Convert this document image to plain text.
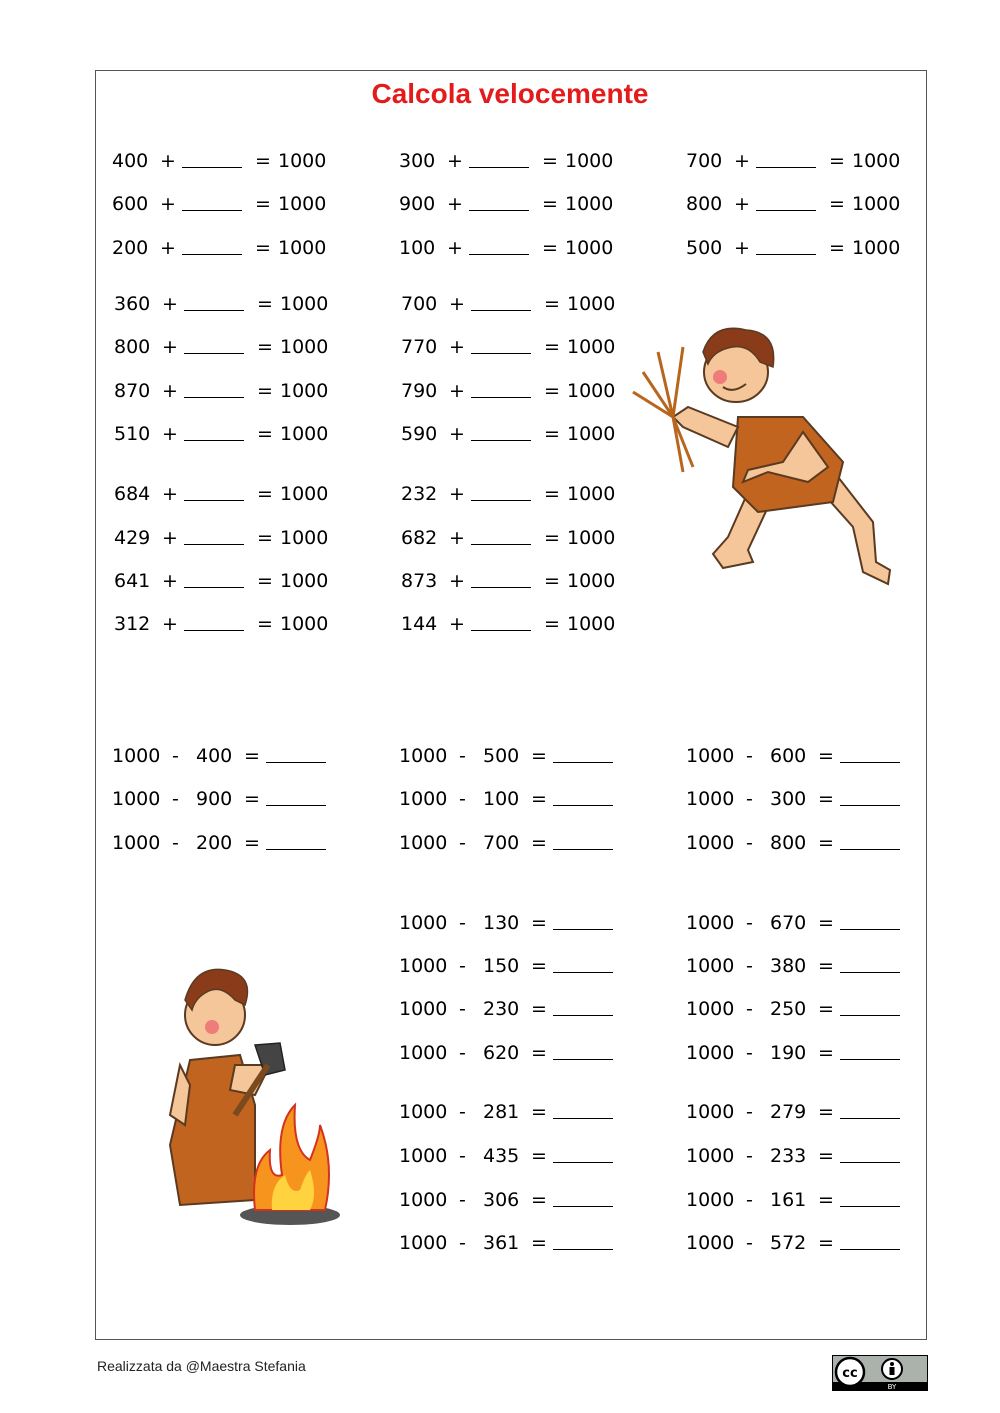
Calcola velocemente
400 +	= 1000	300 +	= 1000	700 +	= 1000
600 +	= 1000	900 +	= 1000	800 +	= 1000
200 +	= 1000	100 +	= 1000	500 +	= 1000
360 +	= 1000	700 +	= 1000
800 +	= 1000	770 +	= 1000
870 +	= 1000	790 +	= 1000
510 +	= 1000	590 +	= 1000
684 +	= 1000	232 +	= 1000
429 +	= 1000	682 +	= 1000
641 +	= 1000	873 +	= 1000
312 +	= 1000	144 +	= 1000
1000 - 400 =	1000 - 500 =	1000 - 600 =
1000 - 900 =	1000 - 100 =	1000 - 300 =
1000 - 200 =	1000 - 700 =	1000 - 800 =
1000 - 130 =	1000 - 670 =
1000 - 150 =	1000 - 380 =
1000 - 230 =	1000 - 250 =
1000 - 620 =	1000 - 190 =
1000 - 281 =	1000 - 279 =
1000 - 435 =	1000 - 233 =
1000 - 306 =	1000 - 161 =
1000 - 361 =	1000 - 572 =
Realizzata da @Maestra Stefania	cc
BY
